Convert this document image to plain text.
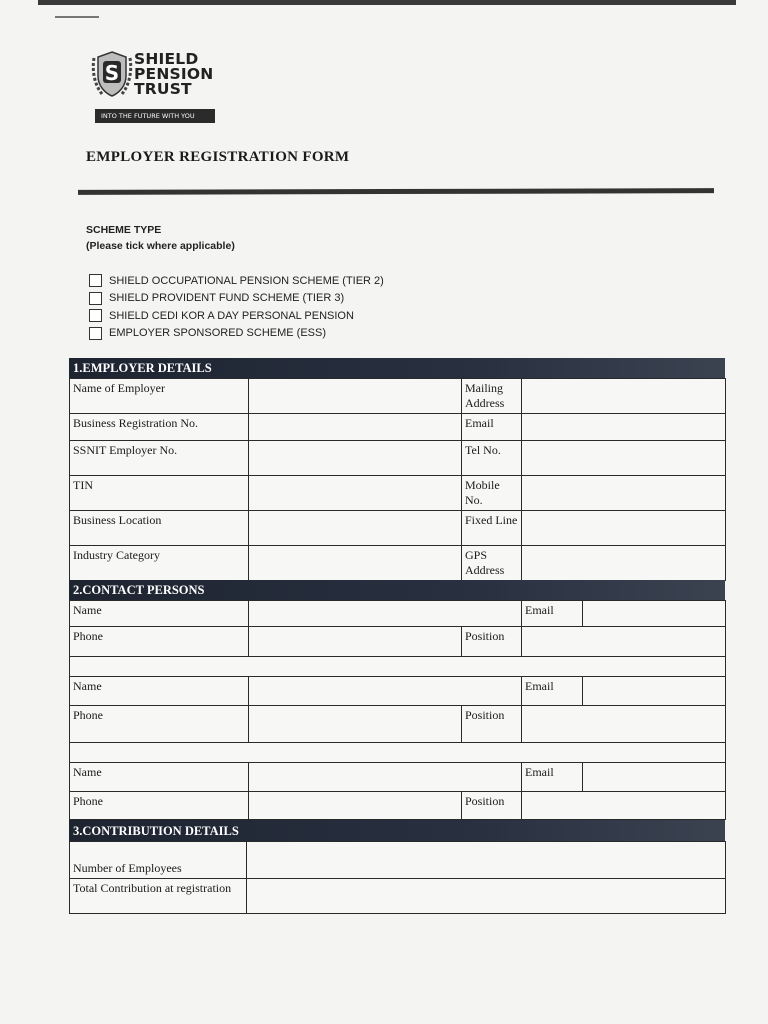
S
SHIELD
PENSION
TRUST
INTO THE FUTURE WITH YOU
EMPLOYER REGISTRATION FORM
SCHEME TYPE
(Please tick where applicable)
SHIELD OCCUPATIONAL PENSION SCHEME (TIER 2)
SHIELD PROVIDENT FUND SCHEME (TIER 3)
SHIELD CEDI KOR A DAY PERSONAL PENSION
EMPLOYER SPONSORED SCHEME (ESS)
1.EMPLOYER DETAILS
Name of Employer		Mailing Address	
Business Registration No.		Email	
SSNIT Employer No.		Tel No.	
TIN		Mobile No.	
Business Location		Fixed Line	
Industry Category		GPS Address	
2.CONTACT PERSONS
Name			Email	
Phone		Position		

Name			Email	
Phone		Position		

Name			Email	
Phone		Position		
3.CONTRIBUTION DETAILS
Number of Employees	
Total Contribution at registration	
